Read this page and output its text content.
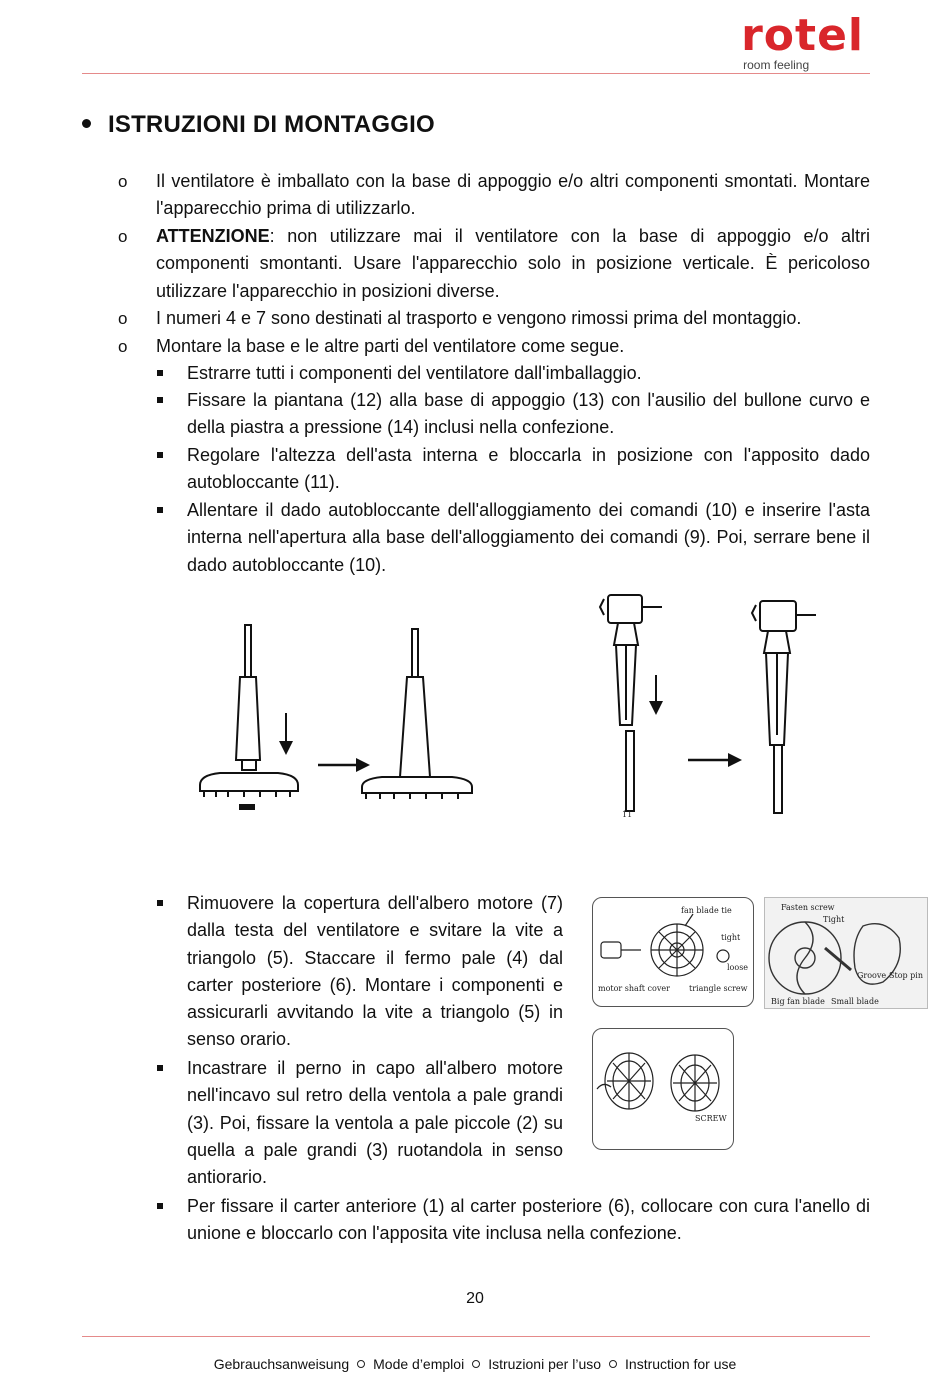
rotel
room feeling
ISTRUZIONI DI MONTAGGIO
o Il ventilatore è imballato con la base di appoggio e/o altri componenti smontati. Montare l'apparecchio prima di utilizzarlo.
o ATTENZIONE: non utilizzare mai il ventilatore con la base di appoggio e/o altri componenti smontanti. Usare l'apparecchio solo in posizione verticale. È pericoloso utilizzare l'apparecchio in posizioni diverse.
o I numeri 4 e 7 sono destinati al trasporto e vengono rimossi prima del montaggio.
o Montare la base e le altre parti del ventilatore come segue.
Estrarre tutti i componenti del ventilatore dall'imballaggio.
Fissare la piantana (12) alla base di appoggio (13) con l'ausilio del bullone curvo e della piastra a pressione (14) inclusi nella confezione.
Regolare l'altezza dell'asta interna e bloccarla in posizione con l'apposito dado autobloccante (11).
Allentare il dado autobloccante dell'alloggiamento dei comandi (10) e inserire l'asta interna nell'apertura alla base dell'alloggiamento dei comandi (9). Poi, serrare bene il dado autobloccante (10).
11
Rimuovere la copertura dell'albero motore (7) dalla testa del ventilatore e svitare la vite a triangolo (5). Staccare il fermo pale (4) dal carter posteriore (6). Montare i componenti e assicurarli avvitando la vite a triangolo (5) in senso orario.
Incastrare il perno in capo all'albero motore nell'incavo sul retro della ventola a pale grandi (3). Poi, fissare la ventola a pale piccole (2) su quella a pale grandi (3) ruotandola in senso antiorario.
fan blade tie
tight
loose
motor shaft cover triangle screw
Fasten screw
Tight
Groove Stop pin
Big fan blade Small blade
SCREW
Per fissare il carter anteriore (1) al carter posteriore (6), collocare con cura l'anello di unione e bloccarlo con l'apposita vite inclusa nella confezione.
20
Gebrauchsanweisung Mode d’emploi Istruzioni per l’uso Instruction for use
